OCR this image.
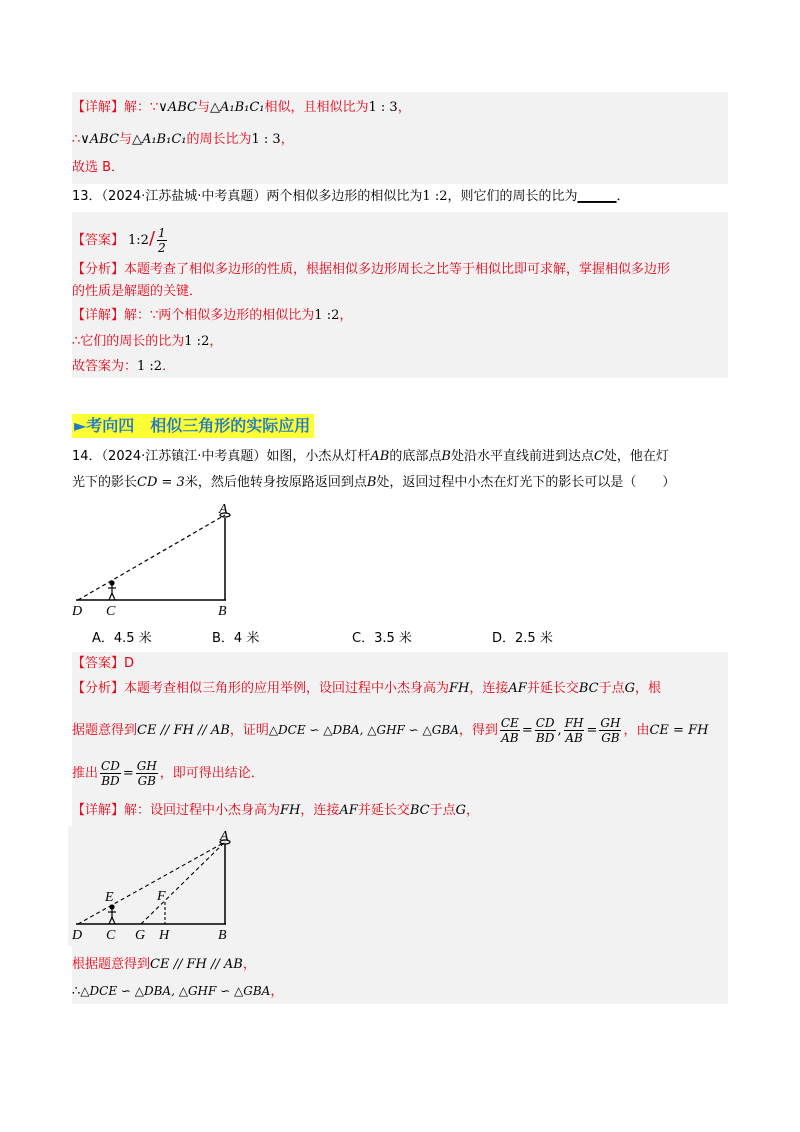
【详解】解：∵∨ABC与△A₁B₁C₁相似，且相似比为1 : 3，
∴∨ABC与△A₁B₁C₁的周长比为1 : 3，
故选 B．
13．（2024·江苏盐城·中考真题）两个相似多边形的相似比为1 :2，则它们的周长的比为______．
【答案】 1:2/ $\frac{1}{2}$
【分析】本题考查了相似多边形的性质，根据相似多边形周长之比等于相似比即可求解，掌握相似多边形
的性质是解题的关键．
【详解】解：∵两个相似多边形的相似比为1 :2，
∴它们的周长的比为1 :2，
故答案为：1 :2．
►考向四　相似三角形的实际应用
14．（2024·江苏镇江·中考真题）如图，小杰从灯杆AB的底部点B处沿水平直线前进到达点C处，他在灯
光下的影长CD = 3米，然后他转身按原路返回到点B处，返回过程中小杰在灯光下的影长可以是（　　）
A
D C	B
A．4.5 米	B．4 米	C．3.5 米	D．2.5 米
【答案】D
【分析】本题考查相似三角形的应用举例，设回过程中小杰身高为FH，连接AF并延长交BC于点G，根
据题意得到CE // FH // AB，证明△DCE ∽ △DBA, △GHF ∽ △GBA，得到 $\frac{CE}{AB} = \frac{CD}{BD}$ , $\frac{FH}{AB} = \frac{GH}{GB}$ ，由CE = FH
推出 $\frac{CD}{BD} = \frac{GH}{GB}$ ，即可得出结论．
【详解】解：设回过程中小杰身高为FH，连接AF并延长交BC于点G，
A
E	F
D C G H	B
根据题意得到CE // FH // AB，
∴△DCE ∽ △DBA, △GHF ∽ △GBA，
